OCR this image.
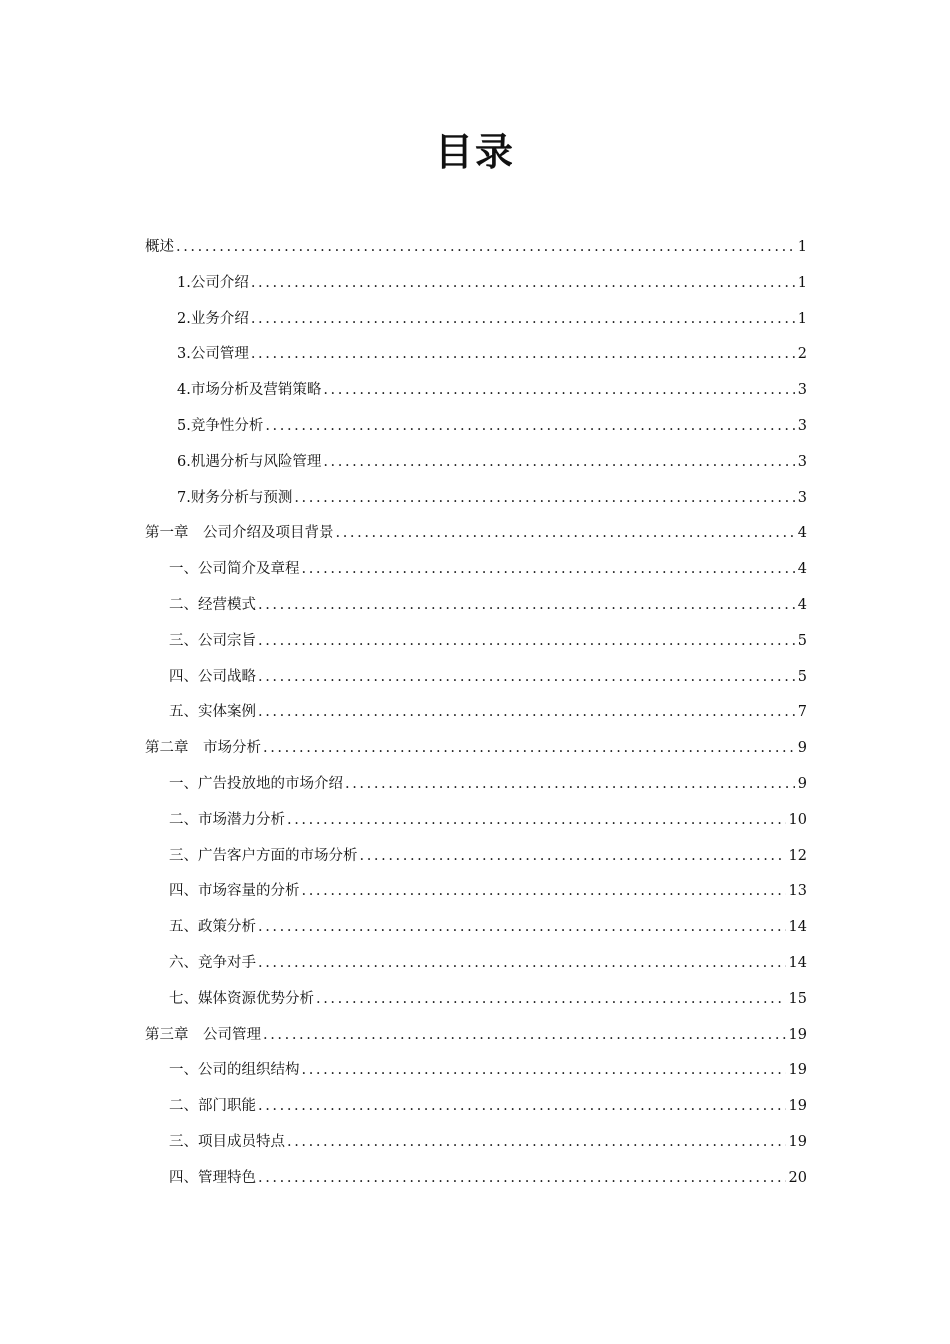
目录
概述 .....	1
1. 公司介绍 .....	1
2. 业务介绍 .....	1
3. 公司管理 .....	2
4. 市场分析及营销策略 .....	3
5. 竞争性分析 .....	3
6. 机遇分析与风险管理 .....	3
7. 财务分析与预测 .....	3
第一章　公司介绍及项目背景 .....	4
一、公司简介及章程 .....	4
二、经营模式 .....	4
三、公司宗旨 .....	5
四、公司战略 .....	5
五、实体案例 .....	7
第二章　市场分析 .....	9
一、广告投放地的市场介绍 .....	9
二、市场潜力分析 .....	10
三、广告客户方面的市场分析 .....	12
四、市场容量的分析 .....	13
五、政策分析 .....	14
六、竞争对手 .....	14
七、媒体资源优势分析 .....	15
第三章　公司管理 .....	19
一、公司的组织结构 .....	19
二、部门职能 .....	19
三、项目成员特点 .....	19
四、管理特色 .....	20
